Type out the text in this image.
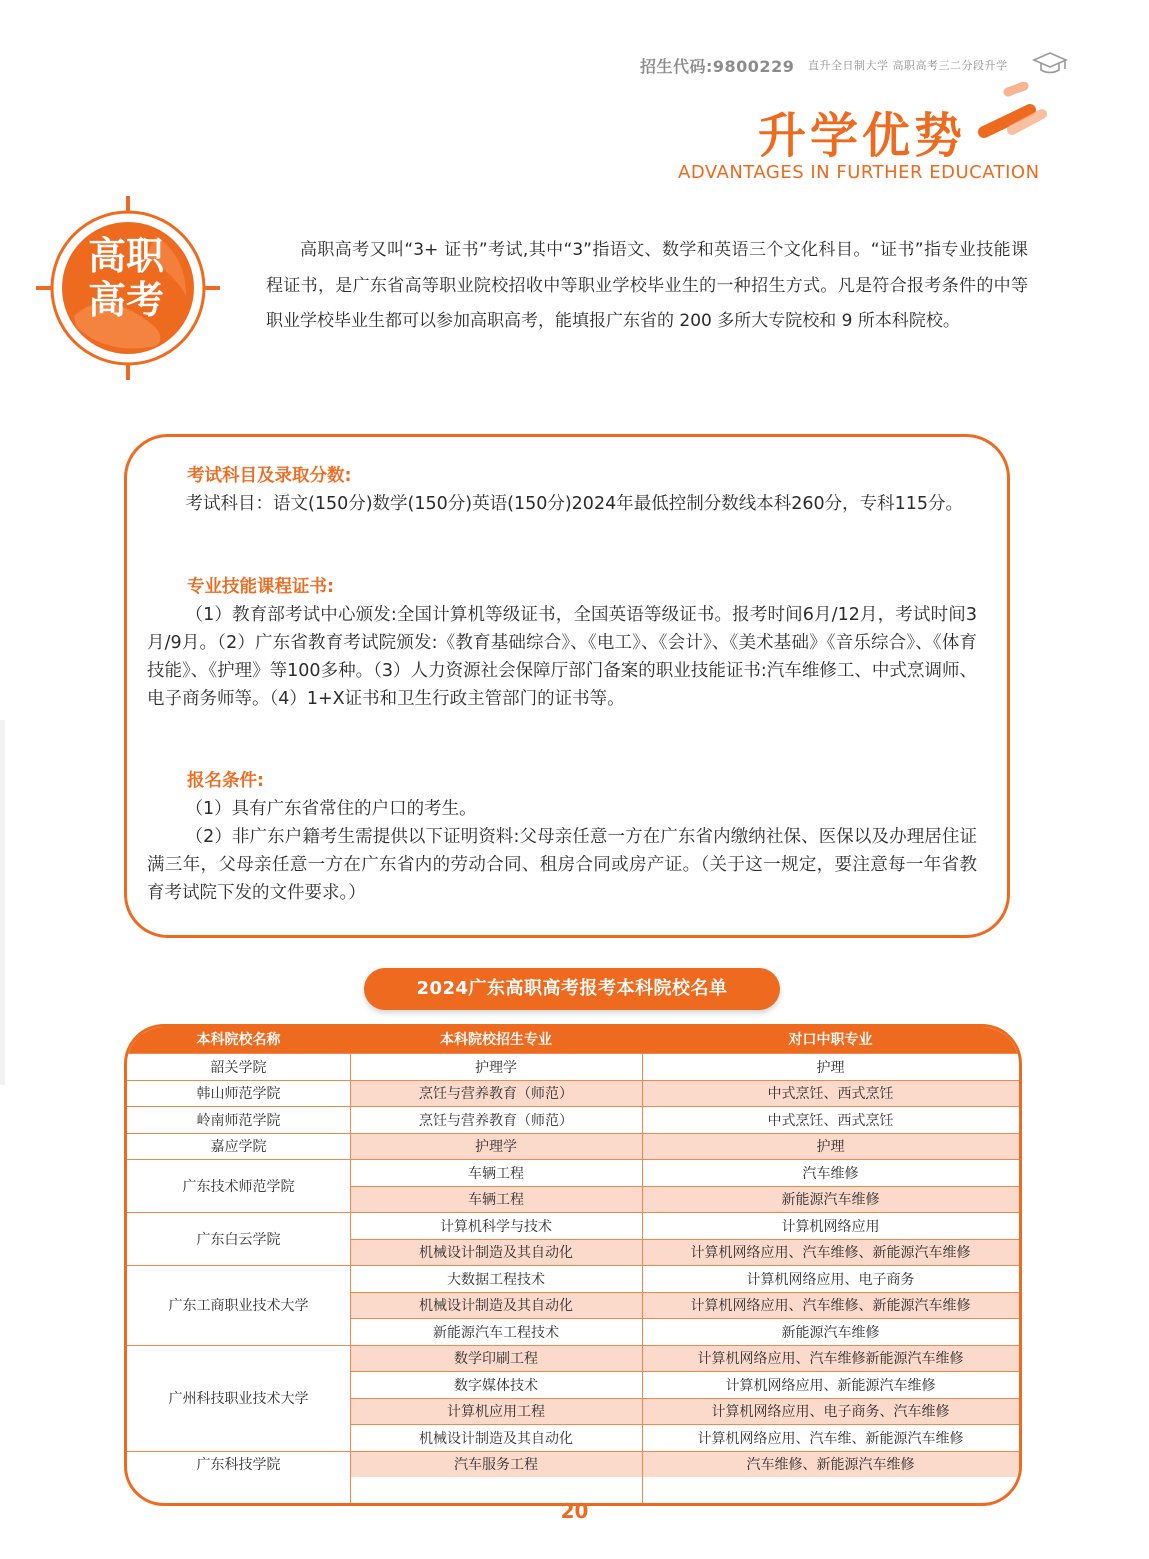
招生代码:9800229 直升全日制大学 高职高考三二分段升学
升学优势
ADVANTAGES IN FURTHER EDUCATION
高职
高考
高职高考又叫“3+ 证书”考试,其中“3”指语文、数学和英语三个文化科目。“证书”指专业技能课程证书，是广东省高等职业院校招收中等职业学校毕业生的一种招生方式。凡是符合报考条件的中等职业学校毕业生都可以参加高职高考，能填报广东省的 200 多所大专院校和 9 所本科院校。
考试科目及录取分数:
考试科目：语文(150分)数学(150分)英语(150分)2024年最低控制分数线本科260分，专科115分。
专业技能课程证书:
（1）教育部考试中心颁发:全国计算机等级证书，全国英语等级证书。报考时间6月/12月，考试时间3月/9月。（2）广东省教育考试院颁发:《教育基础综合》、《电工》、《会计》、《美术基础》《音乐综合》、《体育技能》、《护理》等100多种。（3）人力资源社会保障厅部门备案的职业技能证书:汽车维修工、中式烹调师、电子商务师等。（4）1+X证书和卫生行政主管部门的证书等。
报名条件:
（1）具有广东省常住的户口的考生。
（2）非广东户籍考生需提供以下证明资料:父母亲任意一方在广东省内缴纳社保、医保以及办理居住证满三年，父母亲任意一方在广东省内的劳动合同、租房合同或房产证。（关于这一规定，要注意每一年省教育考试院下发的文件要求。）
2024广东高职高考报考本科院校名单
本科院校名称	本科院校招生专业	对口中职专业
韶关学院	护理学	护理
韩山师范学院	烹饪与营养教育（师范）	中式烹饪、西式烹饪
岭南师范学院	烹饪与营养教育（师范）	中式烹饪、西式烹饪
嘉应学院	护理学	护理
广东技术师范学院
车辆工程	汽车维修
车辆工程	新能源汽车维修
广东白云学院
计算机科学与技术	计算机网络应用
机械设计制造及其自动化	计算机网络应用、汽车维修、新能源汽车维修
广东工商职业技术大学
大数据工程技术	计算机网络应用、电子商务
机械设计制造及其自动化	计算机网络应用、汽车维修、新能源汽车维修
新能源汽车工程技术	新能源汽车维修
广州科技职业技术大学
数学印刷工程	计算机网络应用、汽车维修新能源汽车维修
数字媒体技术	计算机网络应用、新能源汽车维修
计算机应用工程	计算机网络应用、电子商务、汽车维修
机械设计制造及其自动化	计算机网络应用、汽车维、新能源汽车维修
广东科技学院	汽车服务工程	汽车维修、新能源汽车维修
20
